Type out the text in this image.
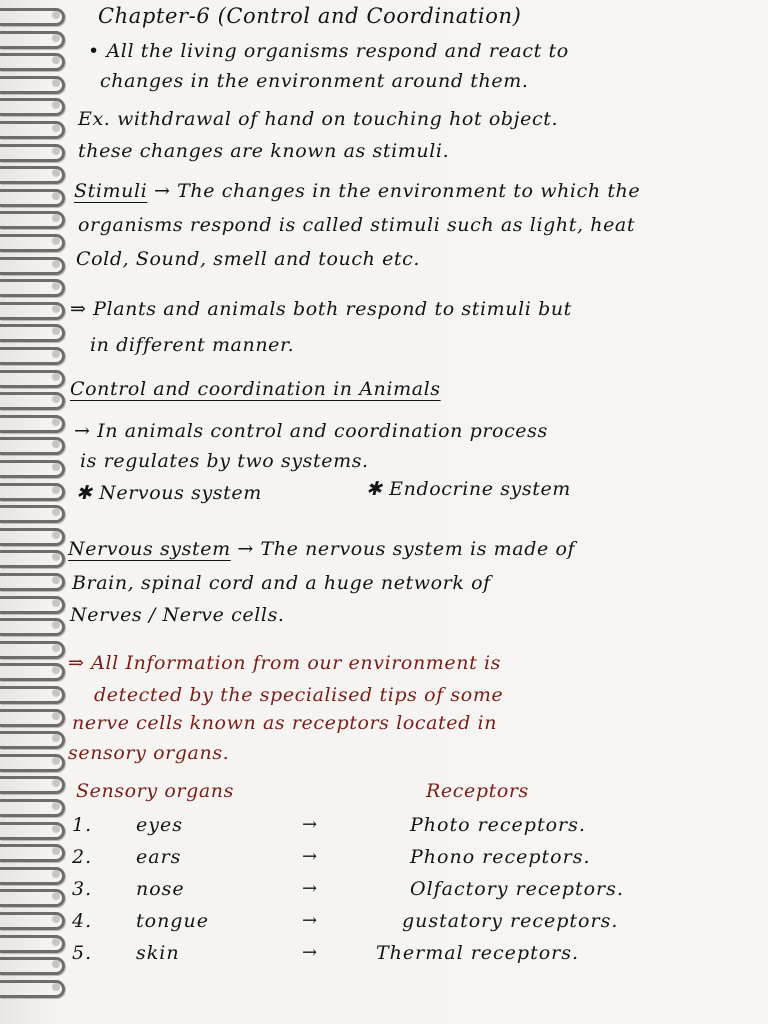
Chapter-6 (Control and Coordination)
• All the living organisms respond and react to
changes in the environment around them.
Ex. withdrawal of hand on touching hot object.
these changes are known as stimuli.
Stimuli → The changes in the environment to which the
organisms respond is called stimuli such as light, heat
Cold, Sound, smell and touch etc.
⇒ Plants and animals both respond to stimuli but
in different manner.
Control and coordination in Animals
→ In animals control and coordination process
is regulates by two systems.
✱ Nervous system	✱ Endocrine system
Nervous system → The nervous system is made of
Brain, spinal cord and a huge network of
Nerves / Nerve cells.
⇒ All Information from our environment is
detected by the specialised tips of some
nerve cells known as receptors located in
sensory organs.
Sensory organs	Receptors
1. eyes	→	Photo receptors.
2. ears	→	Phono receptors.
3. nose	→	Olfactory receptors.
4. tongue	→	gustatory receptors.
5. skin	→	Thermal receptors.
